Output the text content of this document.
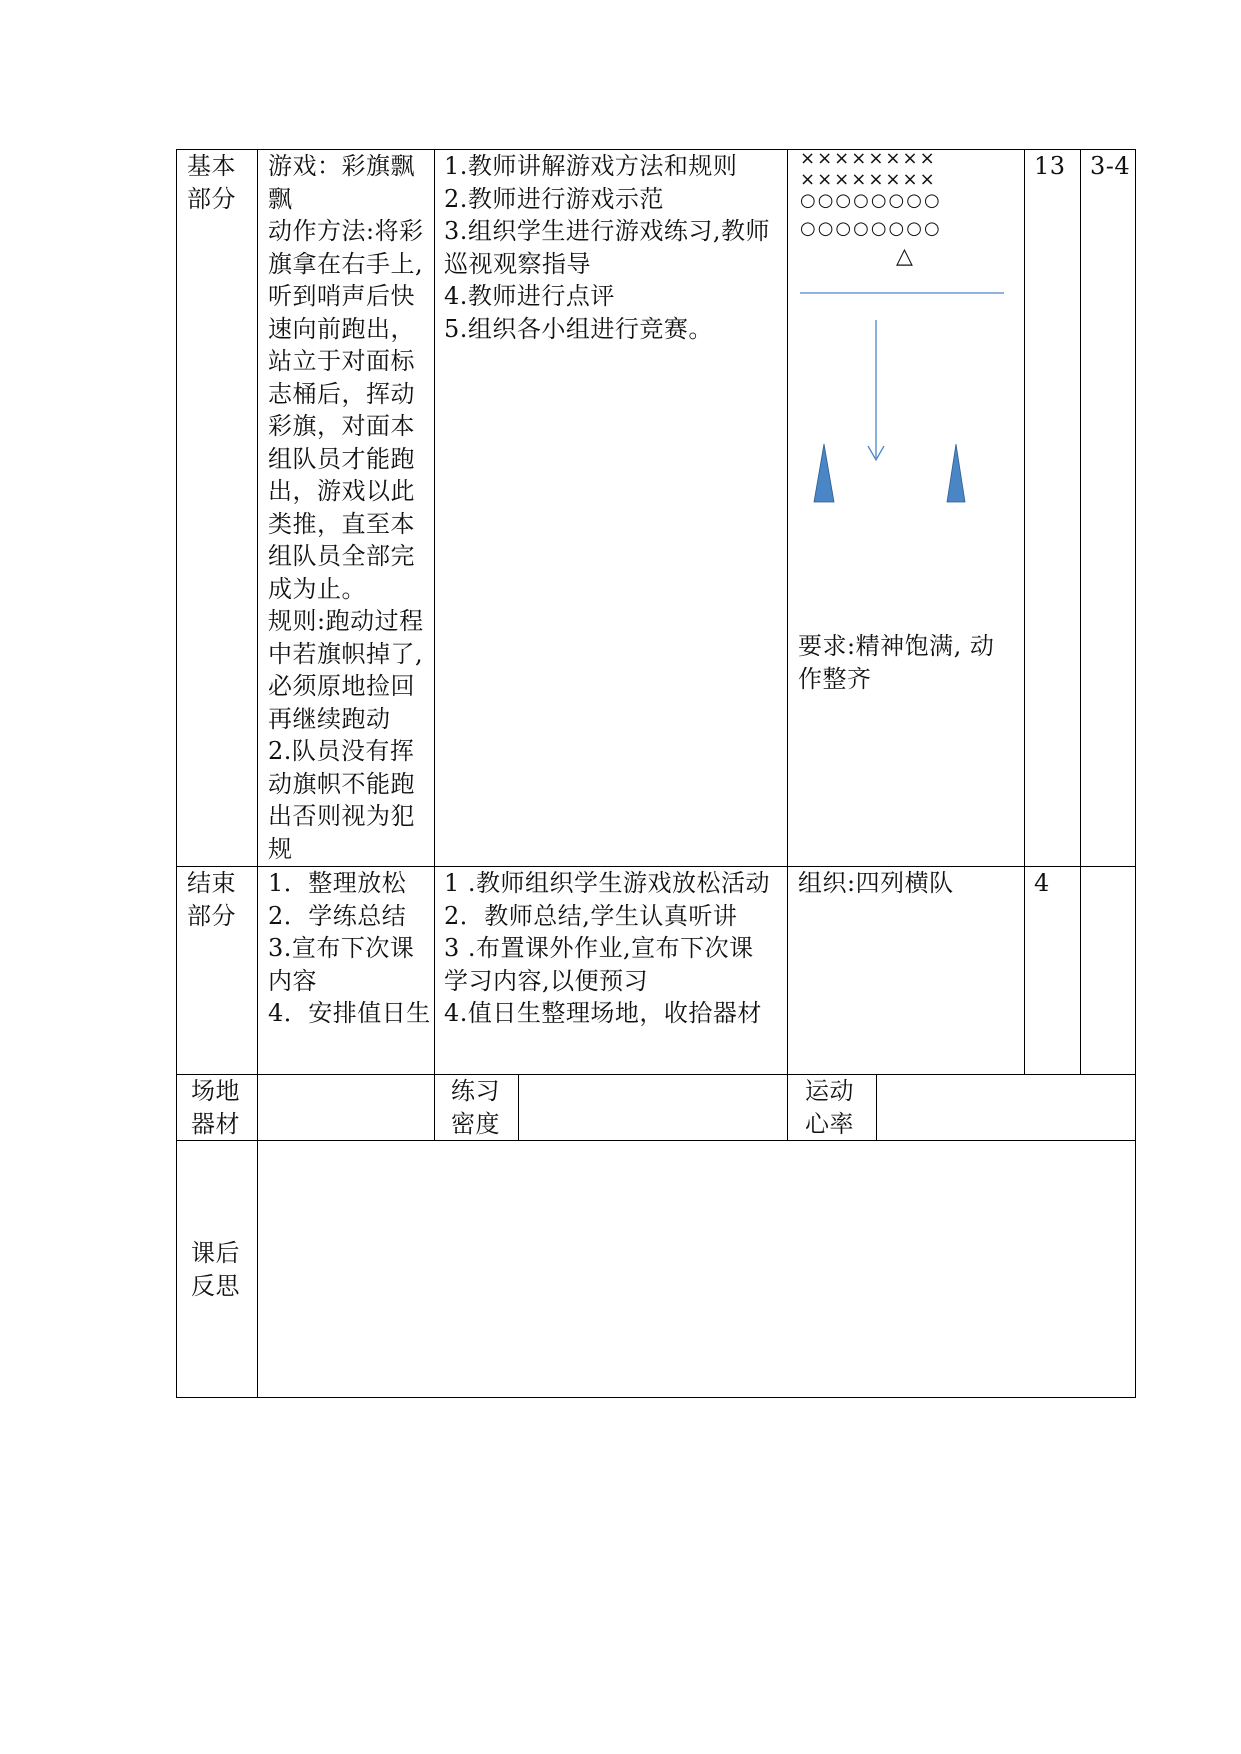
基本
部分
游戏：彩旗飘
飘
动作方法:将彩
旗拿在右手上,
听到哨声后快
速向前跑出，
站立于对面标
志桶后，挥动
彩旗，对面本
组队员才能跑
出，游戏以此
类推，直至本
组队员全部完
成为止。
规则:跑动过程
中若旗帜掉了,
必须原地捡回
再继续跑动
2.队员没有挥
动旗帜不能跑
出否则视为犯
规
1.教师讲解游戏方法和规则
2.教师进行游戏示范
3.组织学生进行游戏练习,教师
巡视观察指导
4.教师进行点评
5.组织各小组进行竞赛。
××××××××
××××××××
○○○○○○○○
○○○○○○○○
△
要求:精神饱满, 动
作整齐
13 3-4
结束
部分
1．整理放松
2．学练总结
3.宣布下次课
内容
4．安排值日生
1 .教师组织学生游戏放松活动
2．教师总结,学生认真听讲
3 .布置课外作业,宣布下次课
学习内容,以便预习
4.值日生整理场地，收拾器材
组织:四列横队	4
场地
器材
练习
密度
运动
心率
课后
反思
